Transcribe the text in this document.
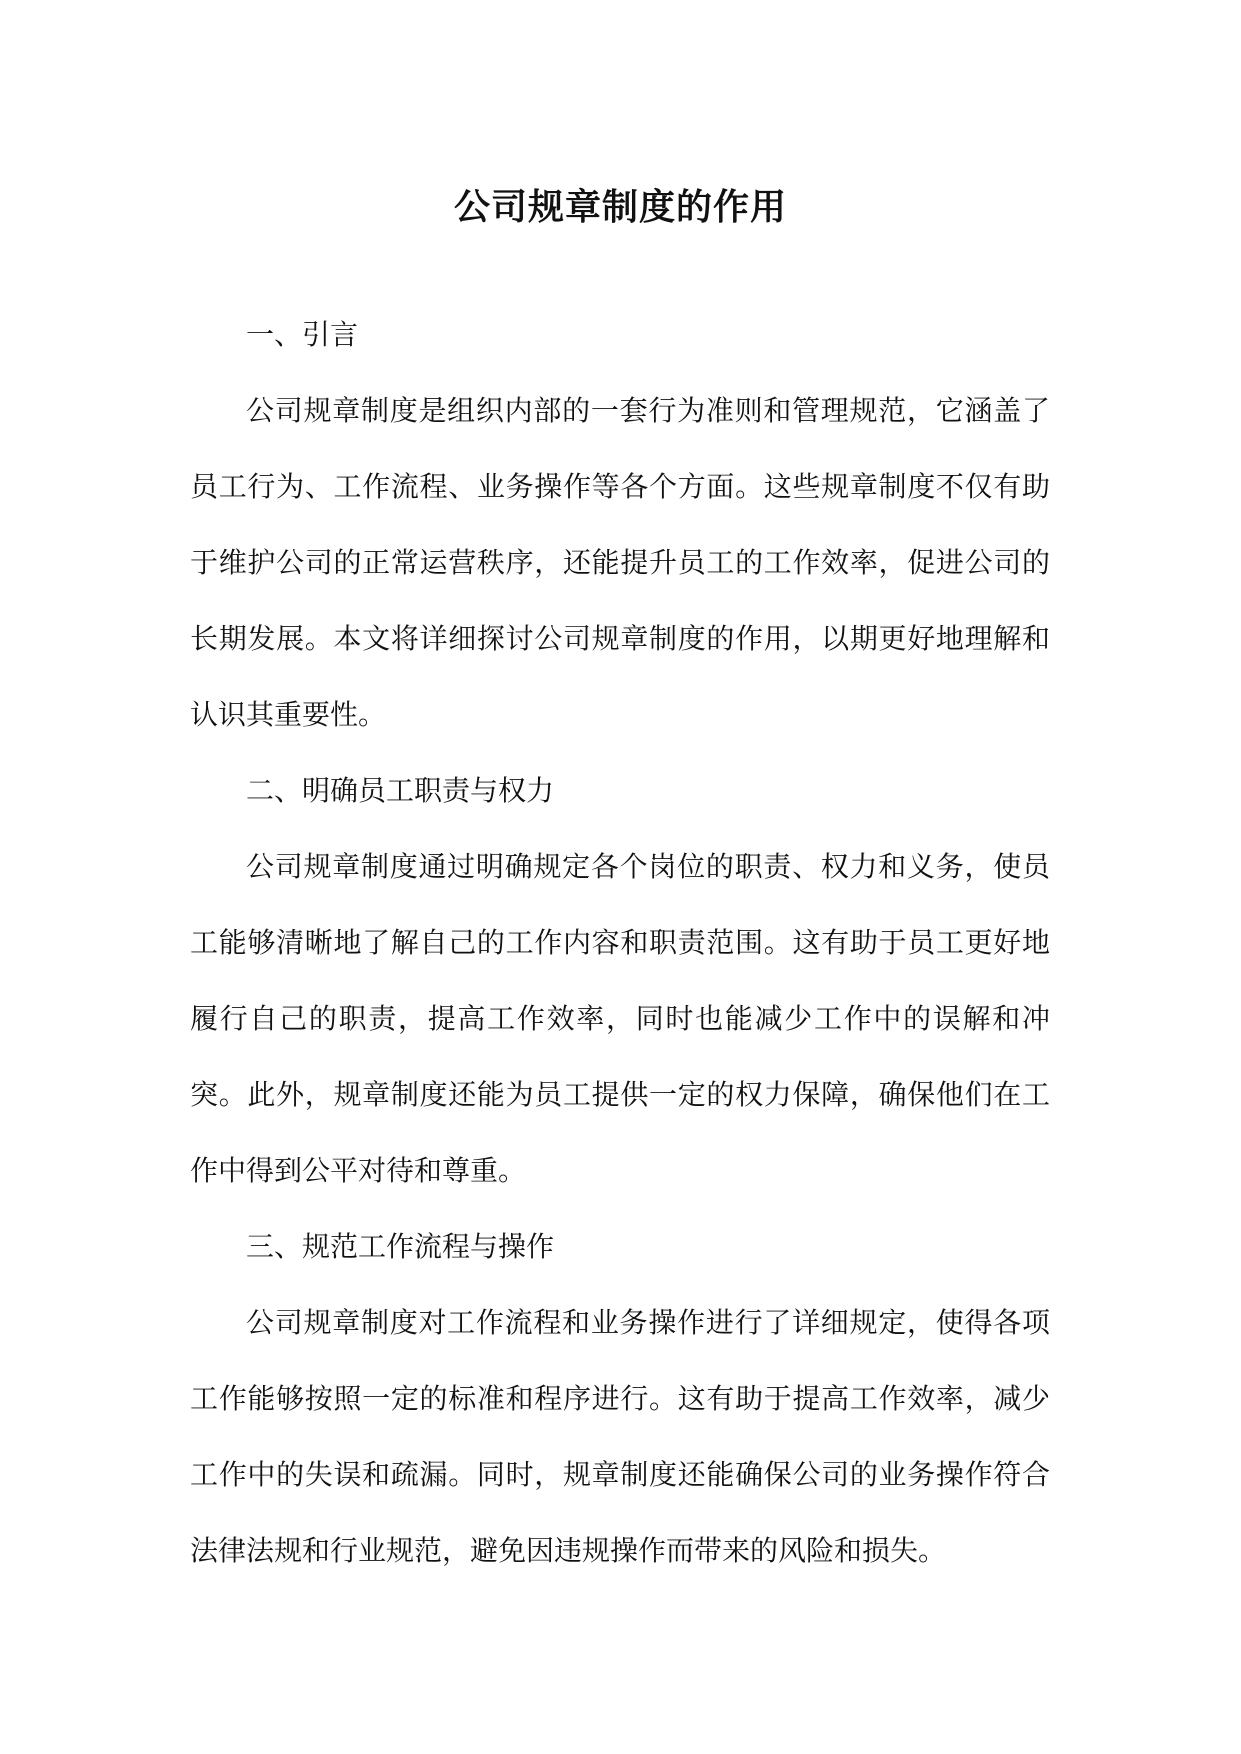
公司规章制度的作用

一、引言

公司规章制度是组织内部的一套行为准则和管理规范，它涵盖了员工行为、工作流程、业务操作等各个方面。这些规章制度不仅有助于维护公司的正常运营秩序，还能提升员工的工作效率，促进公司的长期发展。本文将详细探讨公司规章制度的作用，以期更好地理解和认识其重要性。

二、明确员工职责与权力

公司规章制度通过明确规定各个岗位的职责、权力和义务，使员工能够清晰地了解自己的工作内容和职责范围。这有助于员工更好地履行自己的职责，提高工作效率，同时也能减少工作中的误解和冲突。此外，规章制度还能为员工提供一定的权力保障，确保他们在工作中得到公平对待和尊重。

三、规范工作流程与操作

公司规章制度对工作流程和业务操作进行了详细规定，使得各项工作能够按照一定的标准和程序进行。这有助于提高工作效率，减少工作中的失误和疏漏。同时，规章制度还能确保公司的业务操作符合法律法规和行业规范，避免因违规操作而带来的风险和损失。
